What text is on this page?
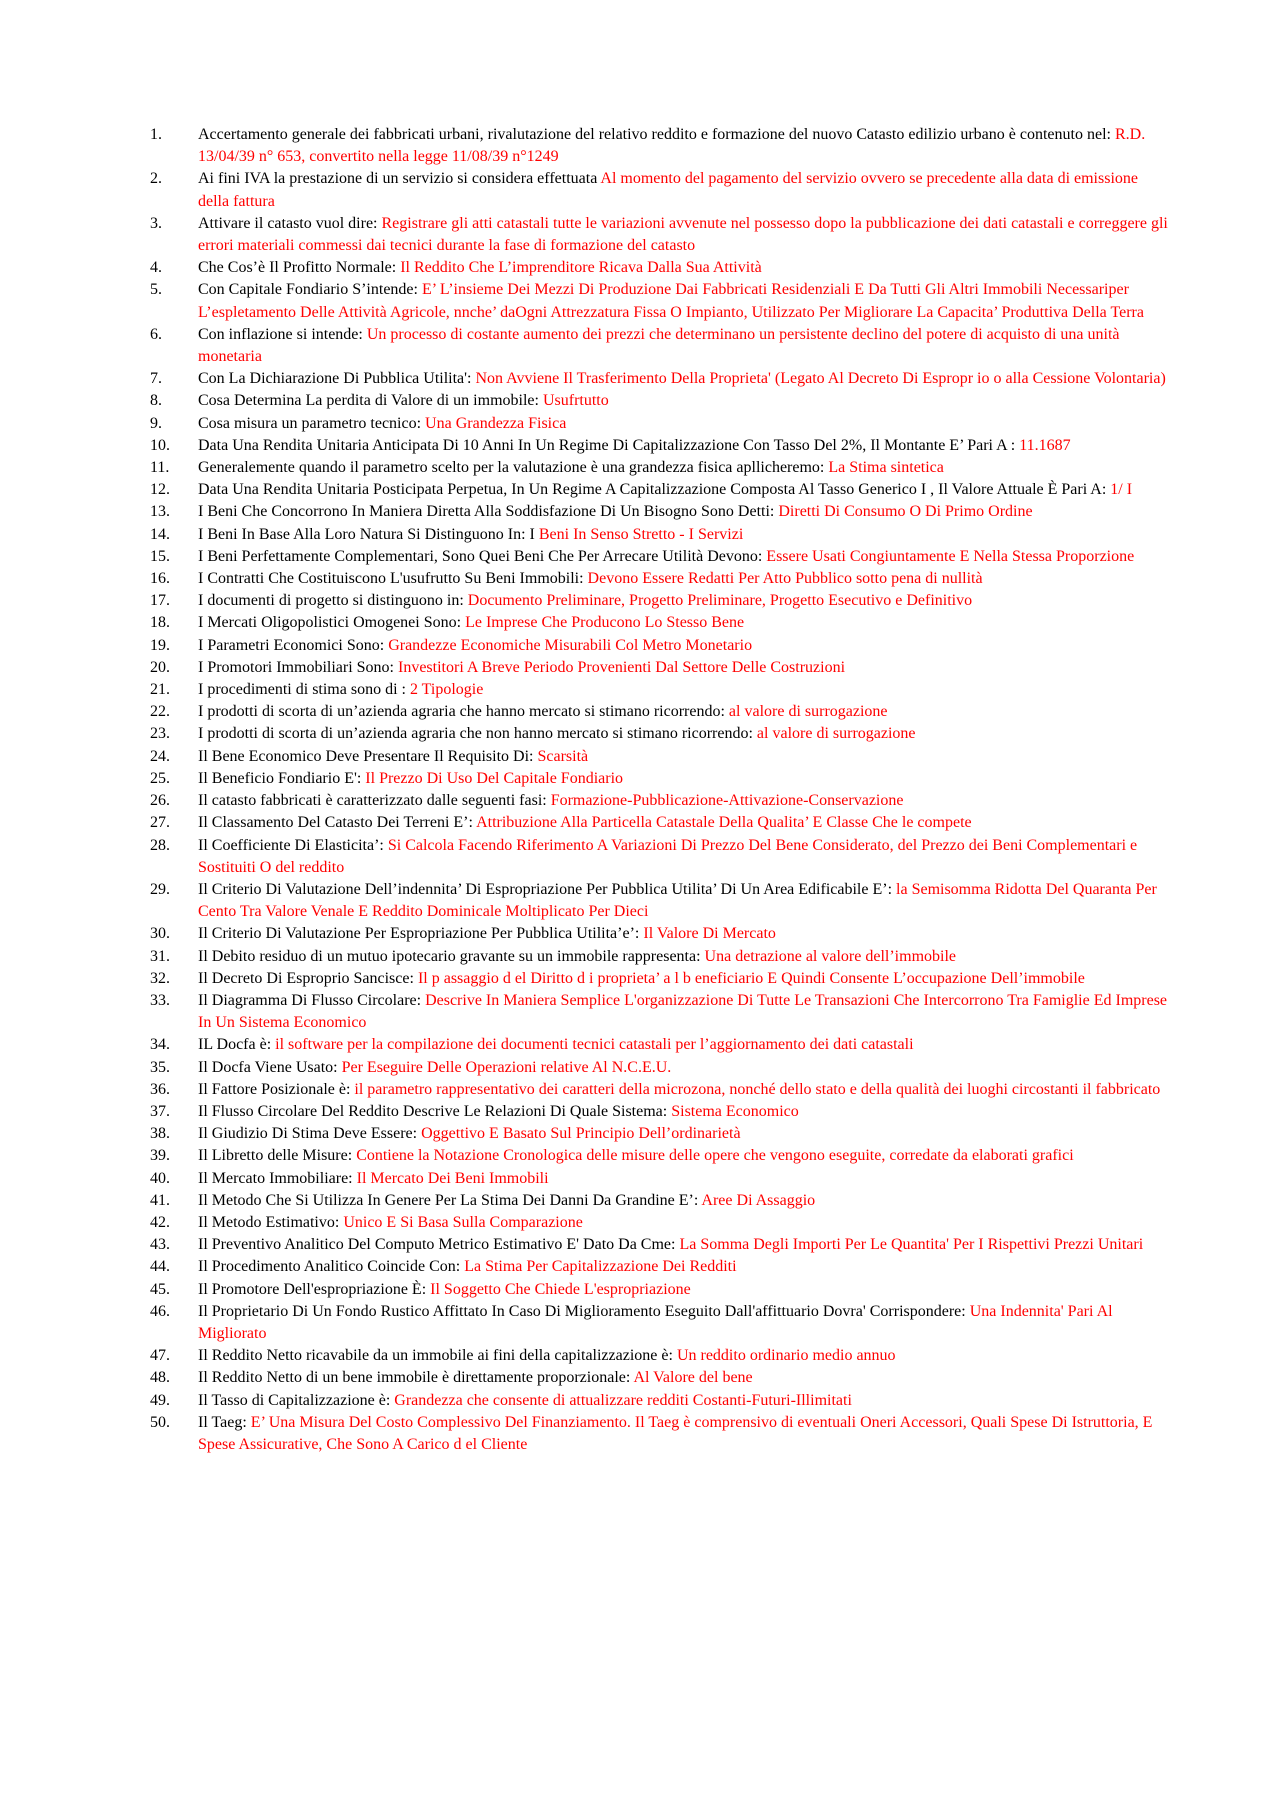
1.	Accertamento generale dei fabbricati urbani, rivalutazione del relativo reddito e formazione del nuovo Catasto edilizio urbano è contenuto nel: R.D. 13/04/39 n° 653, convertito nella legge 11/08/39 n°1249
2.	Ai fini IVA la prestazione di un servizio si considera effettuata Al momento del pagamento del servizio ovvero se precedente alla data di emissione della fattura
3.	Attivare il catasto vuol dire: Registrare gli atti catastali tutte le variazioni avvenute nel possesso dopo la pubblicazione dei dati catastali e correggere gli errori materiali commessi dai tecnici durante la fase di formazione del catasto
4.	Che Cos’è Il Profitto Normale: Il Reddito Che L’imprenditore Ricava Dalla Sua Attività
5.	Con Capitale Fondiario S’intende: E’ L’insieme Dei Mezzi Di Produzione Dai Fabbricati Residenziali E Da Tutti Gli Altri Immobili Necessariper L’espletamento Delle Attività Agricole, nnche’ daOgni Attrezzatura Fissa O Impianto, Utilizzato Per Migliorare La Capacita’ Produttiva Della Terra
6.	Con inflazione si intende: Un processo di costante aumento dei prezzi che determinano un persistente declino del potere di acquisto di una unità monetaria
7.	Con La Dichiarazione Di Pubblica Utilita': Non Avviene Il Trasferimento Della Proprieta' (Legato Al Decreto Di Espropr io o alla Cessione Volontaria)
8.	Cosa Determina La perdita di Valore di un immobile: Usufrtutto
9.	Cosa misura un parametro tecnico: Una Grandezza Fisica
10.	Data Una Rendita Unitaria Anticipata Di 10 Anni In Un Regime Di Capitalizzazione Con Tasso Del 2%, Il Montante E’ Pari A : 11.1687
11.	Generalemente quando il parametro scelto per la valutazione è una grandezza fisica apllicheremo: La Stima sintetica
12.	Data Una Rendita Unitaria Posticipata Perpetua, In Un Regime A Capitalizzazione Composta Al Tasso Generico I , Il Valore Attuale È Pari A: 1/ I
13.	I Beni Che Concorrono In Maniera Diretta Alla Soddisfazione Di Un Bisogno Sono Detti: Diretti Di Consumo O Di Primo Ordine
14.	I Beni In Base Alla Loro Natura Si Distinguono In: I Beni In Senso Stretto - I Servizi
15.	I Beni Perfettamente Complementari, Sono Quei Beni Che Per Arrecare Utilità Devono: Essere Usati Congiuntamente E Nella Stessa Proporzione
16.	I Contratti Che Costituiscono L'usufrutto Su Beni Immobili: Devono Essere Redatti Per Atto Pubblico sotto pena di nullità
17.	I documenti di progetto si distinguono in: Documento Preliminare, Progetto Preliminare, Progetto Esecutivo e Definitivo
18.	I Mercati Oligopolistici Omogenei Sono: Le Imprese Che Producono Lo Stesso Bene
19.	I Parametri Economici Sono: Grandezze Economiche Misurabili Col Metro Monetario
20.	I Promotori Immobiliari Sono: Investitori A Breve Periodo Provenienti Dal Settore Delle Costruzioni
21.	I procedimenti di stima sono di : 2 Tipologie
22.	I prodotti di scorta di un’azienda agraria che hanno mercato si stimano ricorrendo: al valore di surrogazione
23.	I prodotti di scorta di un’azienda agraria che non hanno mercato si stimano ricorrendo: al valore di surrogazione
24.	Il Bene Economico Deve Presentare Il Requisito Di: Scarsità
25.	Il Beneficio Fondiario E': Il Prezzo Di Uso Del Capitale Fondiario
26.	Il catasto fabbricati è caratterizzato dalle seguenti fasi: Formazione-Pubblicazione-Attivazione-Conservazione
27.	Il Classamento Del Catasto Dei Terreni E’: Attribuzione Alla Particella Catastale Della Qualita’ E Classe Che le compete
28.	Il Coefficiente Di Elasticita’: Si Calcola Facendo Riferimento A Variazioni Di Prezzo Del Bene Considerato, del Prezzo dei Beni Complementari e Sostituiti O del reddito
29.	Il Criterio Di Valutazione Dell’indennita’ Di Espropriazione Per Pubblica Utilita’ Di Un Area Edificabile E’: la Semisomma Ridotta Del Quaranta Per Cento Tra Valore Venale E Reddito Dominicale Moltiplicato Per Dieci
30.	Il Criterio Di Valutazione Per Espropriazione Per Pubblica Utilita’e’: Il Valore Di Mercato
31.	Il Debito residuo di un mutuo ipotecario gravante su un immobile rappresenta: Una detrazione al valore dell’immobile
32.	Il Decreto Di Esproprio Sancisce: Il p assaggio d el Diritto d i proprieta’ a l b eneficiario E Quindi Consente L’occupazione Dell’immobile
33.	Il Diagramma Di Flusso Circolare: Descrive In Maniera Semplice L'organizzazione Di Tutte Le Transazioni Che Intercorrono Tra Famiglie Ed Imprese In Un Sistema Economico
34.	IL Docfa è: il software per la compilazione dei documenti tecnici catastali per l’aggiornamento dei dati catastali
35.	Il Docfa Viene Usato: Per Eseguire Delle Operazioni relative Al N.C.E.U.
36.	Il Fattore Posizionale è: il parametro rappresentativo dei caratteri della microzona, nonché dello stato e della qualità dei luoghi circostanti il fabbricato
37.	Il Flusso Circolare Del Reddito Descrive Le Relazioni Di Quale Sistema: Sistema Economico
38.	Il Giudizio Di Stima Deve Essere: Oggettivo E Basato Sul Principio Dell’ordinarietà
39.	Il Libretto delle Misure: Contiene la Notazione Cronologica delle misure delle opere che vengono eseguite, corredate da elaborati grafici
40.	Il Mercato Immobiliare: Il Mercato Dei Beni Immobili
41.	Il Metodo Che Si Utilizza In Genere Per La Stima Dei Danni Da Grandine E’: Aree Di Assaggio
42.	Il Metodo Estimativo: Unico E Si Basa Sulla Comparazione
43.	Il Preventivo Analitico Del Computo Metrico Estimativo E' Dato Da Cme: La Somma Degli Importi Per Le Quantita' Per I Rispettivi Prezzi Unitari
44.	Il Procedimento Analitico Coincide Con: La Stima Per Capitalizzazione Dei Redditi
45.	Il Promotore Dell'espropriazione È: Il Soggetto Che Chiede L'espropriazione
46.	Il Proprietario Di Un Fondo Rustico Affittato In Caso Di Miglioramento Eseguito Dall'affittuario Dovra' Corrispondere: Una Indennita' Pari Al Migliorato
47.	Il Reddito Netto ricavabile da un immobile ai fini della capitalizzazione è: Un reddito ordinario medio annuo
48.	Il Reddito Netto di un bene immobile è direttamente proporzionale: Al Valore del bene
49.	Il Tasso di Capitalizzazione è: Grandezza che consente di attualizzare redditi Costanti-Futuri-Illimitati
50.	Il Taeg: E’ Una Misura Del Costo Complessivo Del Finanziamento. Il Taeg è comprensivo di eventuali Oneri Accessori, Quali Spese Di Istruttoria, E Spese Assicurative, Che Sono A Carico d el Cliente
